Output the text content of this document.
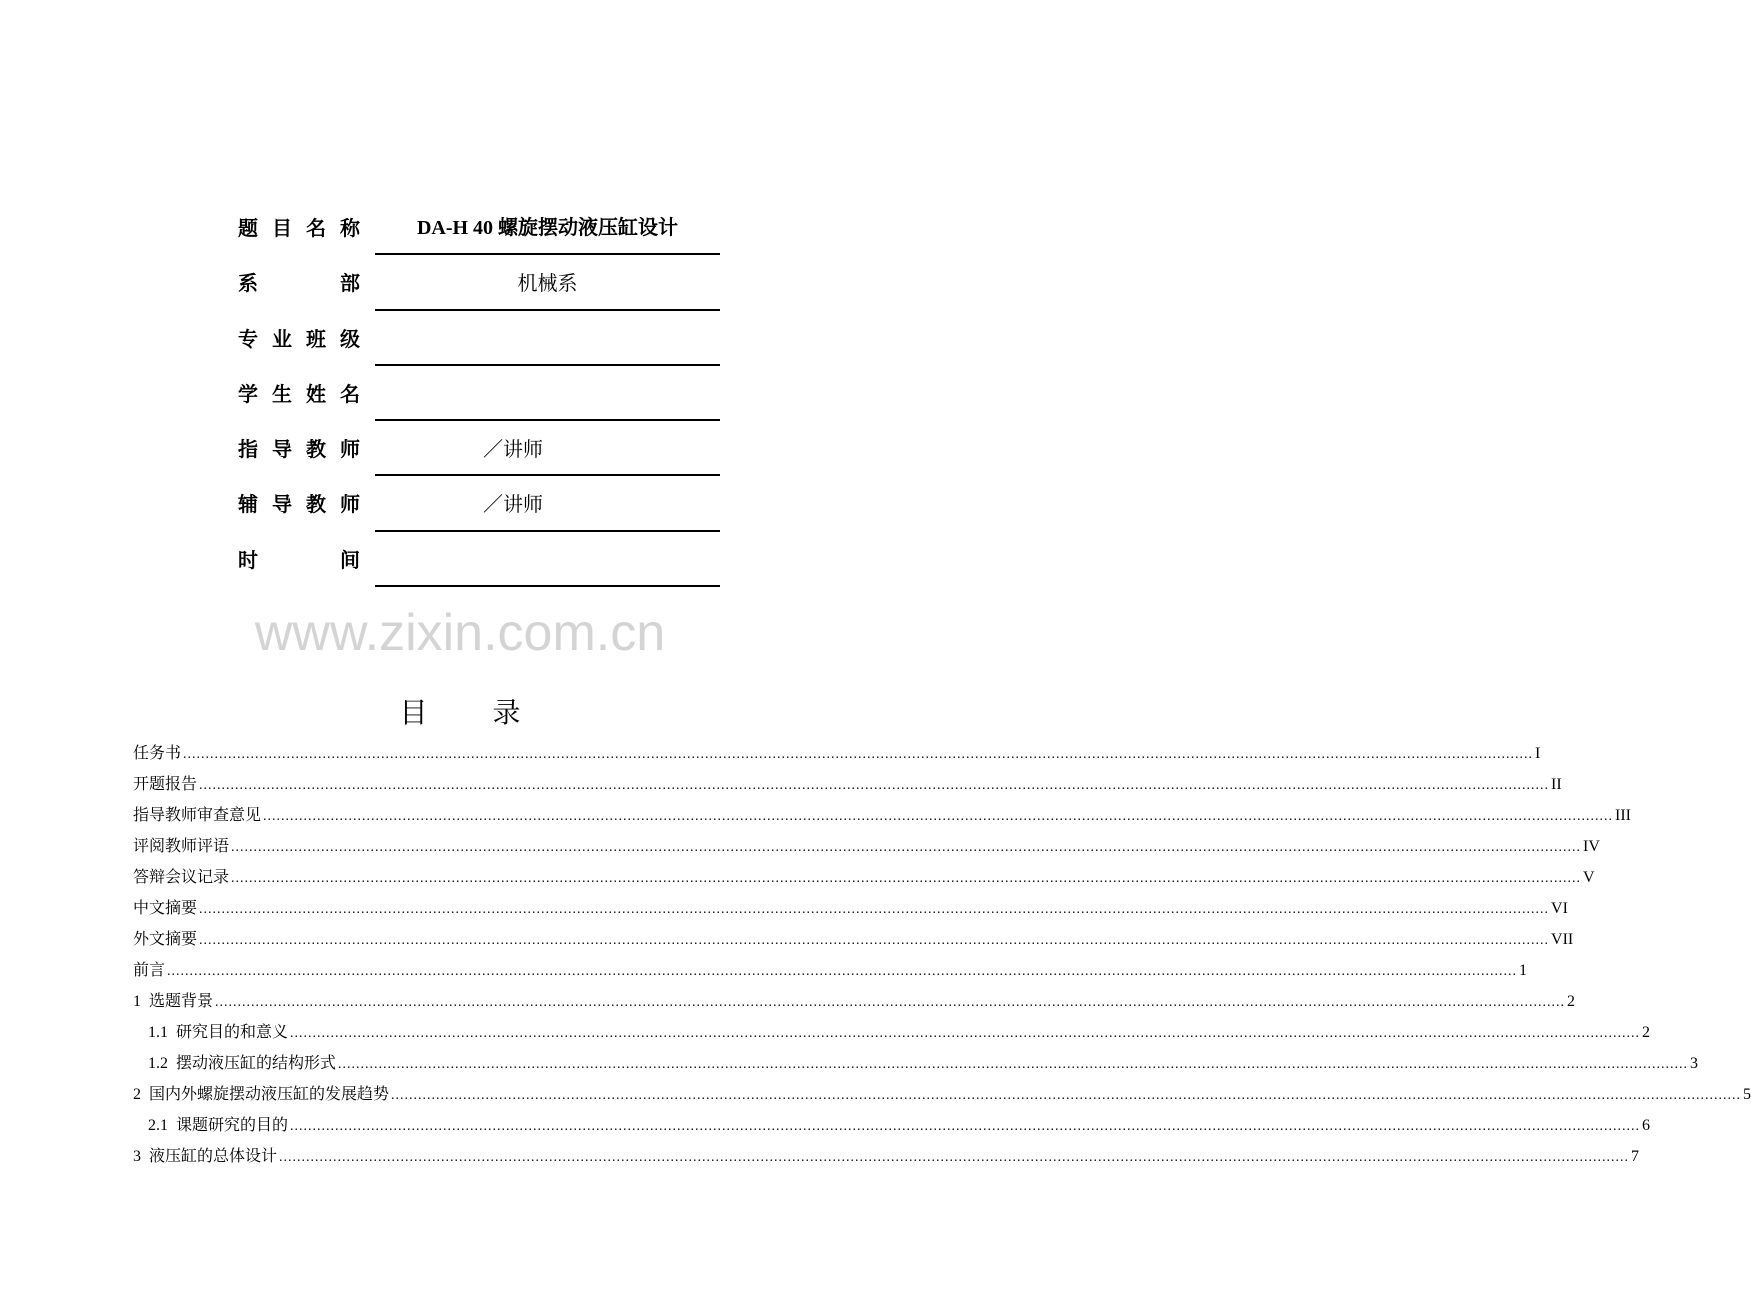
题 目 名 称	DA-H 40 螺旋摆动液压缸设计
系	部	机械系
专 业 班 级
学 生 姓 名
指 导 教 师	／讲师
辅 导 教 师	／讲师
时	间
www.zixin.com.cn
目 录
任务书 ............................................................................................................................................................................................................................................................................................................ I
开题报告 ............................................................................................................................................................................................................................................................................................................ II
指导教师审查意见 ............................................................................................................................................................................................................................................................................................................ III
评阅教师评语 ............................................................................................................................................................................................................................................................................................................ IV
答辩会议记录 ............................................................................................................................................................................................................................................................................................................ V
中文摘要 ............................................................................................................................................................................................................................................................................................................ VI
外文摘要 ............................................................................................................................................................................................................................................................................................................ VII
前言 ............................................................................................................................................................................................................................................................................................................ 1
1 选题背景 ............................................................................................................................................................................................................................................................................................................ 2
1.1 研究目的和意义 ............................................................................................................................................................................................................................................................................................................ 2
1.2 摆动液压缸的结构形式 ............................................................................................................................................................................................................................................................................................................ 3
2 国内外螺旋摆动液压缸的发展趋势 ............................................................................................................................................................................................................................................................................................................ 5
2.1 课题研究的目的 ............................................................................................................................................................................................................................................................................................................ 6
3 液压缸的总体设计 ............................................................................................................................................................................................................................................................................................................ 7
